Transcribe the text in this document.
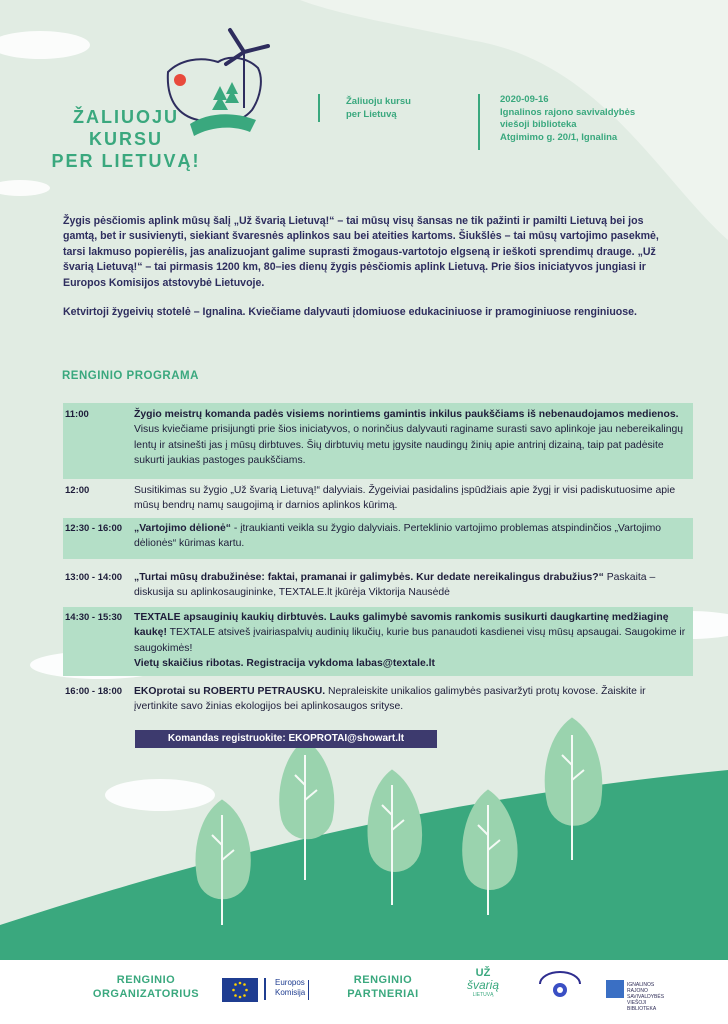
ŽALIUOJU KURSU
PER LIETUVĄ!
Žaliuoju kursu
per Lietuvą
2020-09-16
Ignalinos rajono savivaldybės
viešoji biblioteka
Atgimimo g. 20/1, Ignalina

Žygis pėsčiomis aplink mūsų šalį „Už švarią Lietuvą!“ – tai mūsų visų šansas ne tik pažinti ir pamilti Lietuvą bei jos gamtą, bet ir susivienyti, siekiant švaresnės aplinkos sau bei ateities kartoms. Šiukšlės – tai mūsų vartojimo pasekmė, tarsi lakmuso popierėlis, jas analizuojant galime suprasti žmogaus-vartotojo elgseną ir ieškoti sprendimų drauge. „Už švarią Lietuvą!“ – tai pirmasis 1200 km, 80–ies dienų žygis pėsčiomis aplink Lietuvą. Prie šios iniciatyvos jungiasi ir Europos Komisijos atstovybė Lietuvoje.

Ketvirtoji žygeivių stotelė – Ignalina. Kviečiame dalyvauti įdomiuose edukaciniuose ir pramoginiuose renginiuose.

RENGINIO PROGRAMA
11:00	Žygio meistrų komanda padės visiems norintiems gamintis inkilus paukščiams iš nebenaudojamos medienos. Visus kviečiame prisijungti prie šios iniciatyvos, o norinčius dalyvauti raginame surasti savo aplinkoje jau nebereikalingų lentų ir atsinešti jas į mūsų dirbtuves. Šių dirbtuvių metu įgysite naudingų žinių apie antrinį dizainą, taip pat padėsite sukurti jaukias pastoges paukščiams.
12:00	Susitikimas su žygio „Už švarią Lietuvą!“ dalyviais. Žygeiviai pasidalins įspūdžiais apie žygį ir visi padiskutuosime apie mūsų bendrų namų saugojimą ir darnios aplinkos kūrimą.
12:30 - 16:00	„Vartojimo dėlionė“ - įtraukianti veikla su žygio dalyviais. Perteklinio vartojimo problemas atspindinčios „Vartojimo dėlionės“ kūrimas kartu.
13:00 - 14:00	„Turtai mūsų drabužinėse: faktai, pramanai ir galimybės. Kur dedate nereikalingus drabužius?“ Paskaita – diskusija su aplinkosaugininke, TEXTALE.lt įkūrėja Viktorija Nausėdė
14:30 - 15:30	TEXTALE apsauginių kaukių dirbtuvės. Lauks galimybė savomis rankomis susikurti daugkartinę medžiaginę kaukę! TEXTALE atsiveš įvairiaspalvių audinių likučių, kurie bus panaudoti kasdienei visų mūsų apsaugai. Saugokime ir saugokimės!
Vietų skaičius ribotas. Registracija vykdoma labas@textale.lt
16:00 - 18:00	EKOprotai su ROBERTU PETRAUSKU. Nepraleiskite unikalios galimybės pasivaržyti protų kovose. Žaiskite ir įvertinkite savo žinias ekologijos bei aplinkosaugos srityse.
Komandas registruokite: EKOPROTAI@showart.lt
RENGINIO
ORGANIZATORIUS
Europos
Komisija
RENGINIO
PARTNERIAI
UŽ
švarią
LIETUVĄ
IGNALINOS RAJONO SAVIVALDYBĖS VIEŠOJI BIBLIOTEKA
